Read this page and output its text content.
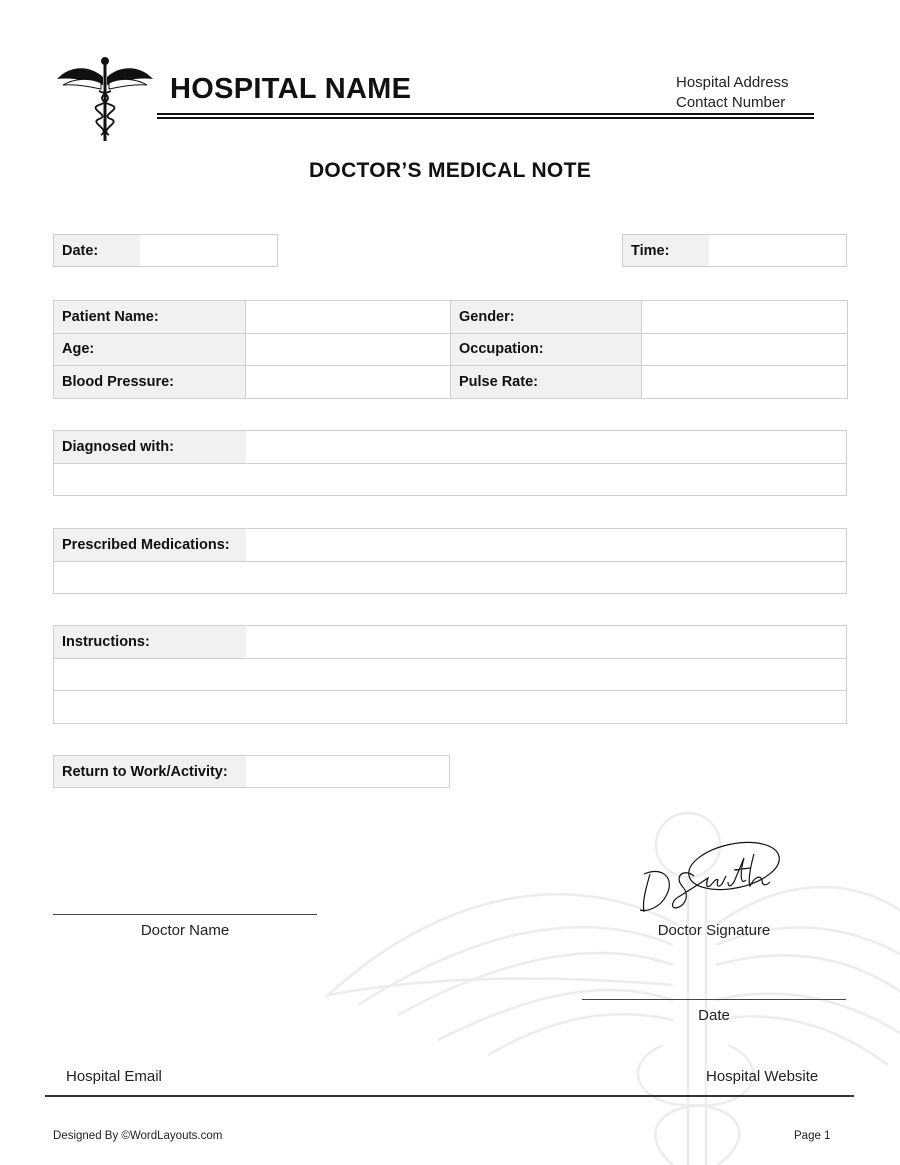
HOSPITAL NAME	Hospital Address
Contact Number
DOCTOR’S MEDICAL NOTE
Date:	Time:
Patient Name:		Gender:	
Age:		Occupation:	
Blood Pressure:		Pulse Rate:	
Diagnosed with:	

Prescribed Medications:	

Instructions:	

Return to Work/Activity:
Doctor Name	Doctor Signature
Date
Hospital Email	Hospital Website
Designed By ©WordLayouts.com	Page 1
